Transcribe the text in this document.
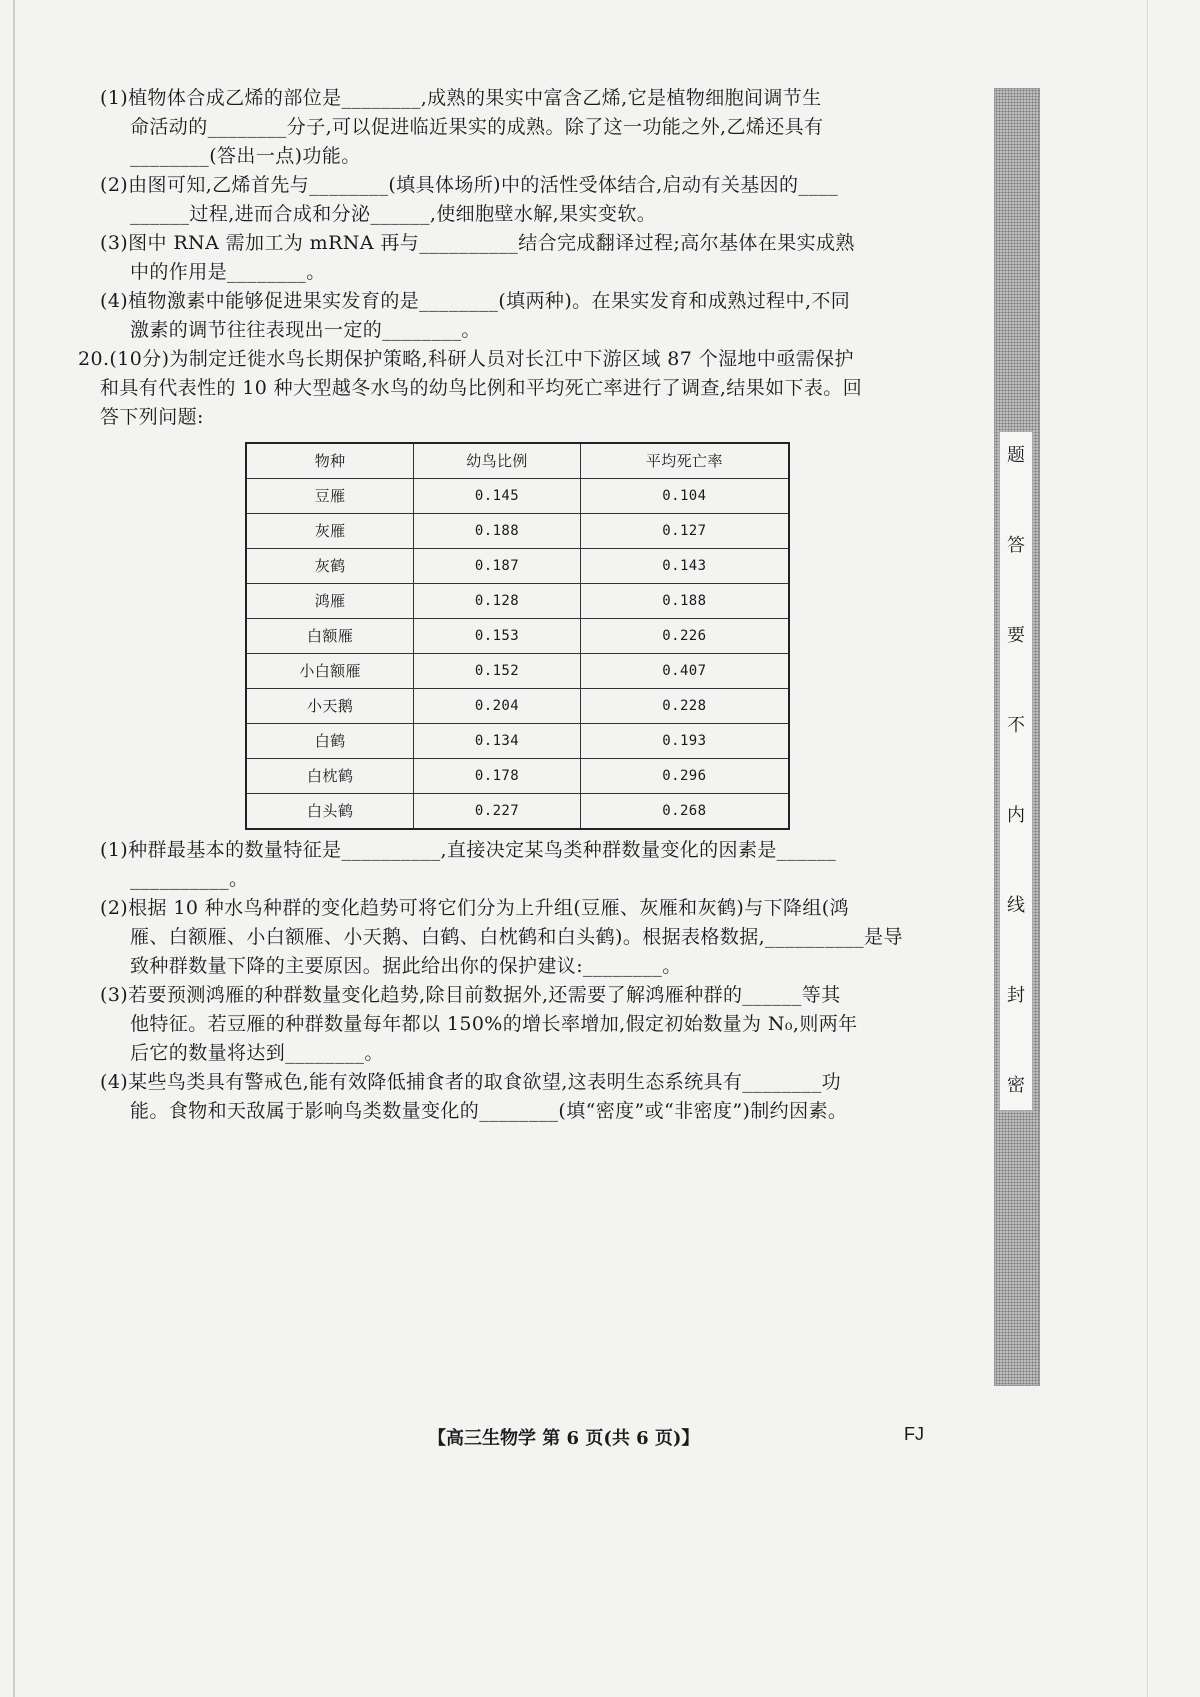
(1)植物体合成乙烯的部位是________,成熟的果实中富含乙烯,它是植物细胞间调节生

命活动的________分子,可以促进临近果实的成熟。除了这一功能之外,乙烯还具有

________(答出一点)功能。

(2)由图可知,乙烯首先与________(填具体场所)中的活性受体结合,启动有关基因的____

______过程,进而合成和分泌______,使细胞壁水解,果实变软。

(3)图中 RNA 需加工为 mRNA 再与__________结合完成翻译过程;高尔基体在果实成熟

中的作用是________。

(4)植物激素中能够促进果实发育的是________(填两种)。在果实发育和成熟过程中,不同

激素的调节往往表现出一定的________。

20.(10分)为制定迁徙水鸟长期保护策略,科研人员对长江中下游区域 87 个湿地中亟需保护

和具有代表性的 10 种大型越冬水鸟的幼鸟比例和平均死亡率进行了调查,结果如下表。回

答下列问题:

物种	幼鸟比例	平均死亡率
豆雁	0.145	0.104
灰雁	0.188	0.127
灰鹤	0.187	0.143
鸿雁	0.128	0.188
白额雁	0.153	0.226
小白额雁	0.152	0.407
小天鹅	0.204	0.228
白鹤	0.134	0.193
白枕鹤	0.178	0.296
白头鹤	0.227	0.268

(1)种群最基本的数量特征是__________,直接决定某鸟类种群数量变化的因素是______

__________。

(2)根据 10 种水鸟种群的变化趋势可将它们分为上升组(豆雁、灰雁和灰鹤)与下降组(鸿

雁、白额雁、小白额雁、小天鹅、白鹤、白枕鹤和白头鹤)。根据表格数据,__________是导

致种群数量下降的主要原因。据此给出你的保护建议:________。

(3)若要预测鸿雁的种群数量变化趋势,除目前数据外,还需要了解鸿雁种群的______等其

他特征。若豆雁的种群数量每年都以 150%的增长率增加,假定初始数量为 N₀,则两年

后它的数量将达到________。

(4)某些鸟类具有警戒色,能有效降低捕食者的取食欲望,这表明生态系统具有________功

能。食物和天敌属于影响鸟类数量变化的________(填“密度”或“非密度”)制约因素。

【高三生物学 第 6 页(共 6 页)】	FJ
题
答
要
不
内
线
封
密
